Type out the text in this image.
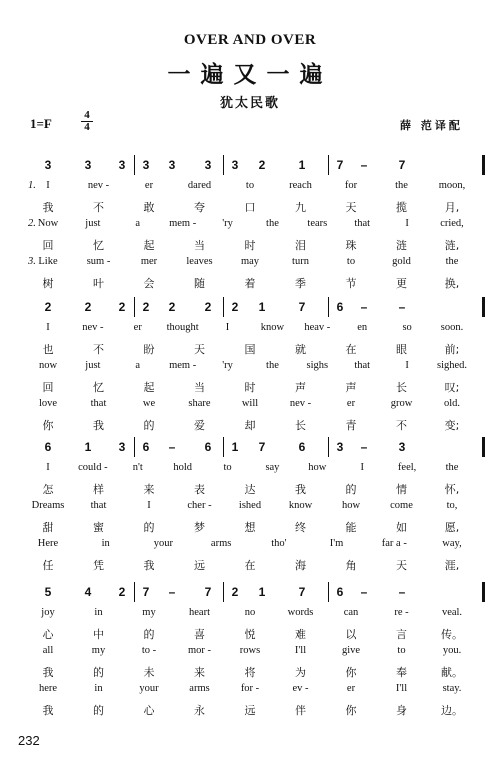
OVER AND OVER
一遍又一遍
犹太民歌
1=F
4
4	薛 范译配
3	3 3 3 3 3 3 2	1	7 –	7
1. I	nev -	er	dared	to	reach	for	the	moon,
我	不	敢	夸	口	九	天	揽	月,
2. Now	just	a	mem - 'ry	the	tears	that	I	cried,
回	忆	起	当	时	泪	珠	涟	涟,
3. Like	sum -	mer	leaves	may	turn	to	gold	the
树	叶	会	随	着	季	节	更	换,
2	2 2 2 2 2 2 1	7	6 –	–
I	nev -	er thought	I	know heav -	en	so	soon.
也	不	盼	天	国	就	在	眼	前;
now	just	a	mem - 'ry	the	sighs that	I	sighed.
回	忆	起	当	时	声	声	长	叹;
love	that	we	share	will	nev -	er	grow	old.
你	我	的	爱	却	长	青	不	变;
6	1 3 6 – 6 1 7	6	3 –	3
I	could - n't	hold	to	say	how	I	feel,	the
怎	样	来	表	达	我	的	情	怀,
Dreams	that	I	cher -	ished	know	how	come	to,
甜	蜜	的	梦	想	终	能	如	愿,
Here	in	your	arms	tho'	I'm	far a -	way,
任	凭	我	远	在	海	角	天	涯,
5	4 2 7 – 7 2 1	7	6 –	–
joy	in	my	heart	no	words	can	re -	veal.
心	中	的	喜	悦	难	以	言	传。
all	my	to -	mor -	rows	I'll	give	to	you.
我	的	未	来	将	为	你	奉	献。
here	in	your	arms	for -	ev -	er	I'll	stay.
我	的	心	永	远	伴	你	身	边。
232
